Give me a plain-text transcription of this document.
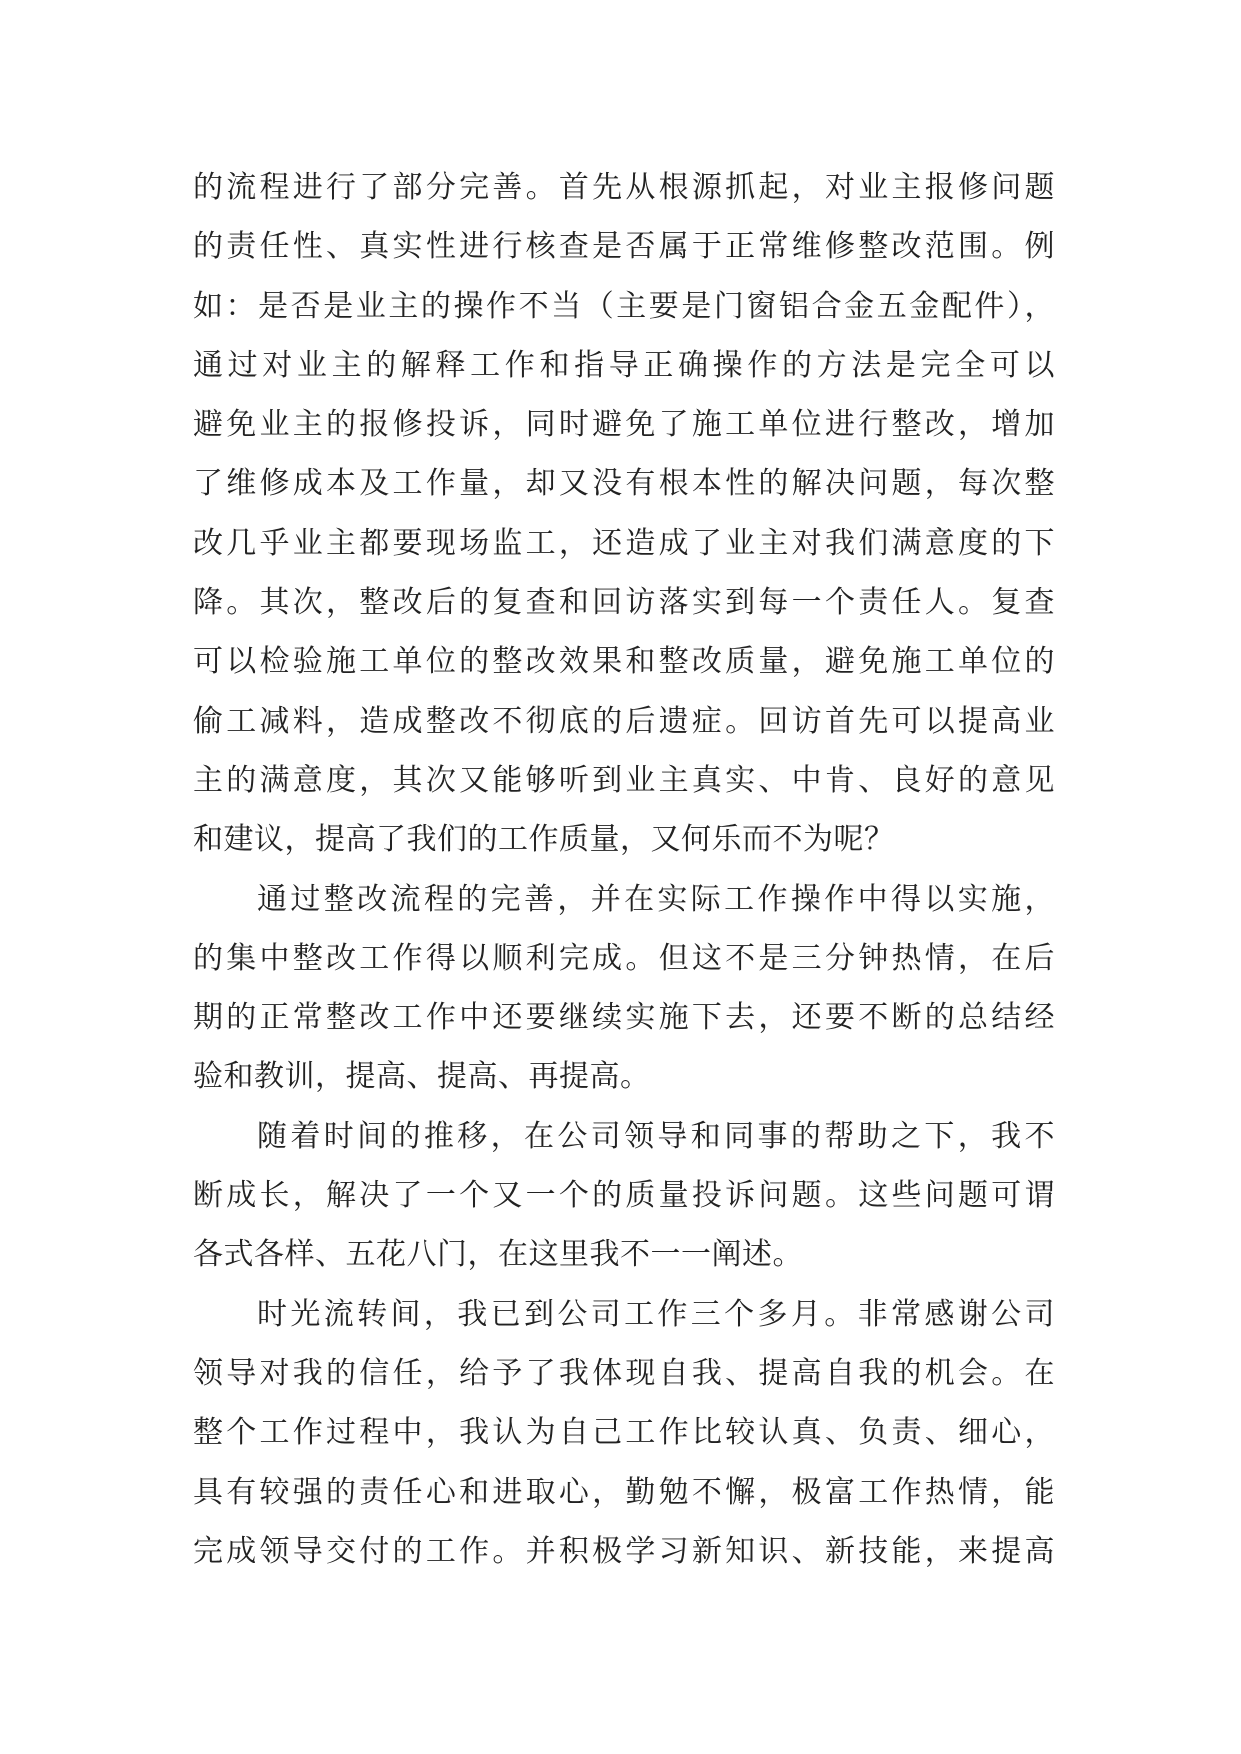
的流程进行了部分完善。首先从根源抓起，对业主报修问题
的责任性、真实性进行核查是否属于正常维修整改范围。例
如：是否是业主的操作不当（主要是门窗铝合金五金配件），
通过对业主的解释工作和指导正确操作的方法是完全可以
避免业主的报修投诉，同时避免了施工单位进行整改，增加
了维修成本及工作量，却又没有根本性的解决问题，每次整
改几乎业主都要现场监工，还造成了业主对我们满意度的下
降。其次，整改后的复查和回访落实到每一个责任人。复查
可以检验施工单位的整改效果和整改质量，避免施工单位的
偷工减料，造成整改不彻底的后遗症。回访首先可以提高业
主的满意度，其次又能够听到业主真实、中肯、良好的意见
和建议，提高了我们的工作质量，又何乐而不为呢？
通过整改流程的完善，并在实际工作操作中得以实施，
的集中整改工作得以顺利完成。但这不是三分钟热情，在后
期的正常整改工作中还要继续实施下去，还要不断的总结经
验和教训，提高、提高、再提高。
随着时间的推移，在公司领导和同事的帮助之下，我不
断成长，解决了一个又一个的质量投诉问题。这些问题可谓
各式各样、五花八门，在这里我不一一阐述。
时光流转间，我已到公司工作三个多月。非常感谢公司
领导对我的信任，给予了我体现自我、提高自我的机会。在
整个工作过程中，我认为自己工作比较认真、负责、细心，
具有较强的责任心和进取心，勤勉不懈，极富工作热情，能
完成领导交付的工作。并积极学习新知识、新技能，来提高
